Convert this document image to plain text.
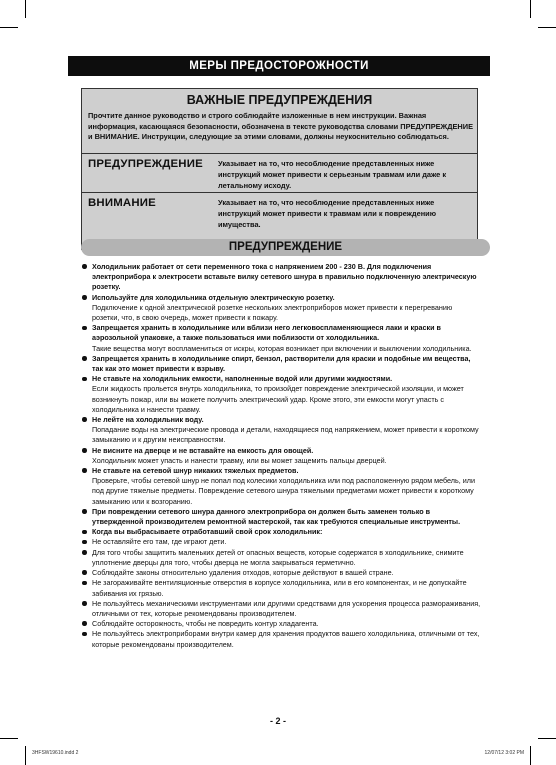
МЕРЫ ПРЕДОСТОРОЖНОСТИ
ВАЖНЫЕ ПРЕДУПРЕЖДЕНИЯ
Прочтите данное руководство и строго соблюдайте изложенные в нем инструкции. Важная информация, касающаяся безопасности, обозначена в тексте руководства словами ПРЕДУПРЕЖДЕНИЕ и ВНИМАНИЕ. Инструкции, следующие за этими словами, должны неукоснительно соблюдаться.
ПРЕДУПРЕЖДЕНИЕ Указывает на то, что несоблюдение представленных ниже инструкций может привести к серьезным травмам или даже к летальному исходу.
ВНИМАНИЕ	Указывает на то, что несоблюдение представленных ниже инструкций может привести к травмам или к повреждению имущества.
ПРЕДУПРЕЖДЕНИЕ
Холодильник работает от сети переменного тока с напряжением 200 - 230 В. Для подключения электроприбора к электросети вставьте вилку сетевого шнура в правильно подключенную электрическую розетку.
Используйте для холодильника отдельную электрическую розетку.
Подключение к одной электрической розетке нескольких электроприборов может привести к перегреванию розетки, что, в свою очередь, может привести к пожару.
Запрещается хранить в холодильнике или вблизи него легковоспламеняющиеся лаки и краски в аэрозольной упаковке, а также пользоваться ими поблизости от холодильника.
Такие вещества могут воспламениться от искры, которая возникает при включении и выключении холодильника.
Запрещается хранить в холодильнике спирт, бензол, растворители для краски и подобные им вещества, так как это может привести к взрыву.
Не ставьте на холодильник емкости, наполненные водой или другими жидкостями.
Если жидкость прольется внутрь холодильника, то произойдет повреждение электрической изоляции, и может возникнуть пожар, или вы можете получить электрический удар. Кроме этого, эти емкости могут упасть с холодильника и нанести травму.
Не лейте на холодильник воду.
Попадание воды на электрические провода и детали, находящиеся под напряжением, может привести к короткому замыканию и к другим неисправностям.
Не висните на дверце и не вставайте на емкость для овощей.
Холодильник может упасть и нанести травму, или вы может защемить пальцы дверцей.
Не ставьте на сетевой шнур никаких тяжелых предметов.
Проверьте, чтобы сетевой шнур не попал под колесики холодильника или под расположенную рядом мебель, или под другие тяжелые предметы. Повреждение сетевого шнура тяжелыми предметами может привести к короткому замыканию или к возгоранию.
При повреждении сетевого шнура данного электроприбора он должен быть заменен только в утвержденной производителем ремонтной мастерской, так как требуются специальные инструменты.
Когда вы выбрасываете отработавший свой срок холодильник:
Не оставляйте его там, где играют дети.
Для того чтобы защитить маленьких детей от опасных веществ, которые содержатся в холодильнике, снимите уплотнение дверцы для того, чтобы дверца не могла закрываться герметично.
Соблюдайте законы относительно удаления отходов, которые действуют в вашей стране.
Не загораживайте вентиляционные отверстия в корпусе холодильника, или в его компонентах, и не допускайте забивания их грязью.
Не пользуйтесь механическими инструментами или другими средствами для ускорения процесса размораживания, отличными от тех, которые рекомендованы производителем.
Соблюдайте осторожность, чтобы не повредить контур хладагента.
Не пользуйтесь электроприборами внутри камер для хранения продуктов вашего холодильника, отличными от тех, которые рекомендованы производителем.
- 2 -
3HFSW19610.indd 2	12/07/12 3:02 PM
